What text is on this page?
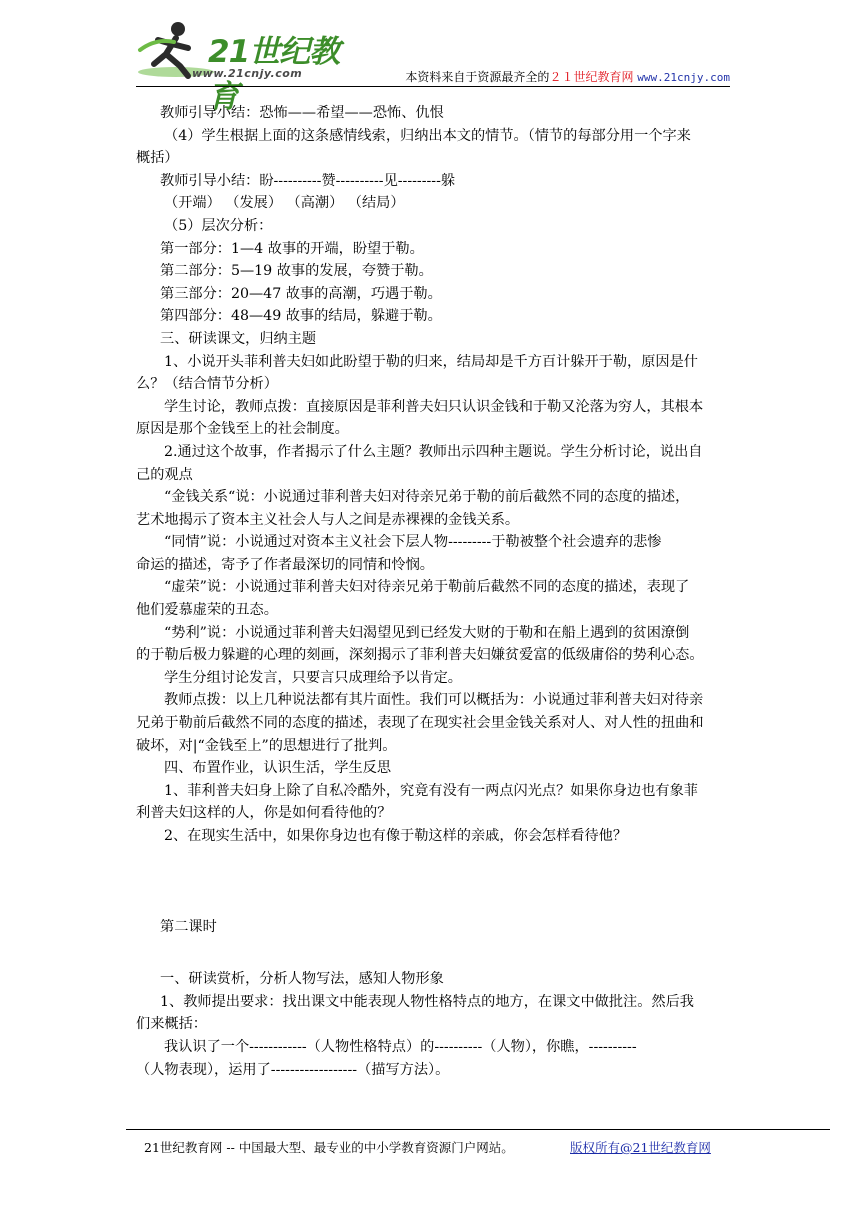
21世纪教育
www.21cnjy.com	本资料来自于资源最齐全的２１世纪教育网 www.21cnjy.com

教师引导小结：恐怖——希望——恐怖、仇恨

（4）学生根据上面的这条感情线索，归纳出本文的情节。（情节的每部分用一个字来

概括）

教师引导小结：盼----------赞----------见---------躲

（开端） （发展） （高潮） （结局）

（5）层次分析：

第一部分：1—4 故事的开端，盼望于勒。

第二部分：5—19 故事的发展，夸赞于勒。

第三部分：20—47 故事的高潮，巧遇于勒。

第四部分：48—49 故事的结局，躲避于勒。

三、研读课文，归纳主题

1、小说开头菲利普夫妇如此盼望于勒的归来，结局却是千方百计躲开于勒，原因是什

么？（结合情节分析）

学生讨论，教师点拨：直接原因是菲利普夫妇只认识金钱和于勒又沦落为穷人，其根本

原因是那个金钱至上的社会制度。

2.通过这个故事，作者揭示了什么主题？教师出示四种主题说。学生分析讨论，说出自

己的观点

“金钱关系“说：小说通过菲利普夫妇对待亲兄弟于勒的前后截然不同的态度的描述，

艺术地揭示了资本主义社会人与人之间是赤裸裸的金钱关系。

“同情”说：小说通过对资本主义社会下层人物---------于勒被整个社会遗弃的悲惨

命运的描述，寄予了作者最深切的同情和怜悯。

“虚荣”说：小说通过菲利普夫妇对待亲兄弟于勒前后截然不同的态度的描述，表现了

他们爱慕虚荣的丑态。

“势利”说：小说通过菲利普夫妇渴望见到已经发大财的于勒和在船上遇到的贫困潦倒

的于勒后极力躲避的心理的刻画，深刻揭示了菲利普夫妇嫌贫爱富的低级庸俗的势利心态。

学生分组讨论发言，只要言只成理给予以肯定。

教师点拨：以上几种说法都有其片面性。我们可以概括为：小说通过菲利普夫妇对待亲

兄弟于勒前后截然不同的态度的描述，表现了在现实社会里金钱关系对人、对人性的扭曲和

破坏，对|“金钱至上”的思想进行了批判。

四、布置作业，认识生活，学生反思

1、菲利普夫妇身上除了自私冷酷外，究竟有没有一两点闪光点？如果你身边也有象菲

利普夫妇这样的人，你是如何看待他的？

2、在现实生活中，如果你身边也有像于勒这样的亲戚，你会怎样看待他？

第二课时

一、研读赏析，分析人物写法，感知人物形象

1、教师提出要求：找出课文中能表现人物性格特点的地方，在课文中做批注。然后我

们来概括：

我认识了一个------------（人物性格特点）的----------（人物），你瞧，----------

（人物表现），运用了------------------（描写方法）。

21世纪教育网 -- 中国最大型、最专业的中小学教育资源门户网站。	版权所有@21世纪教育网
